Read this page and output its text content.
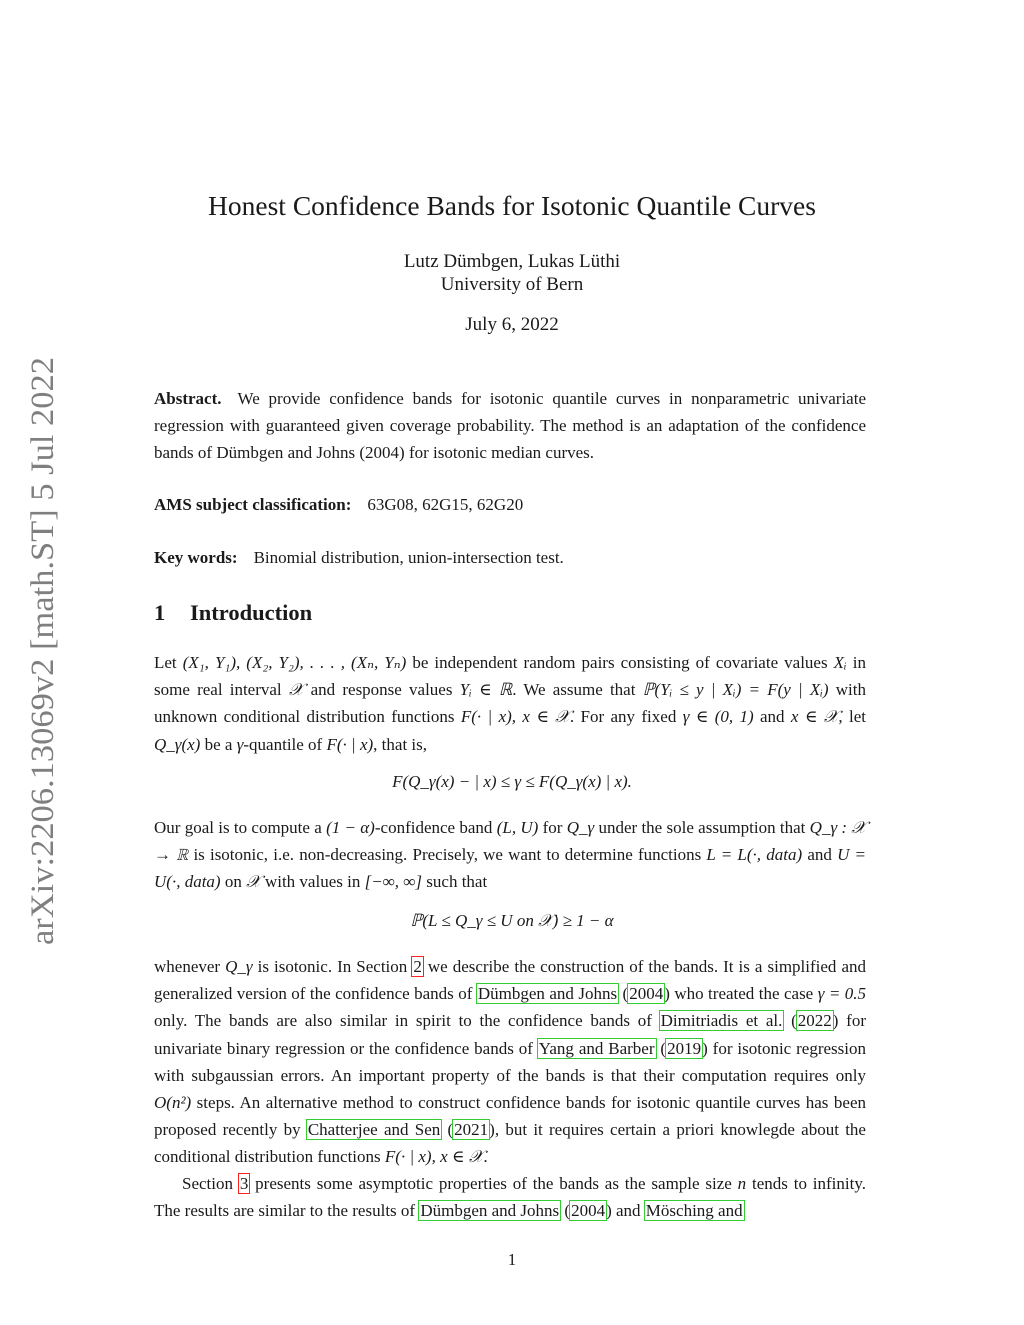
arXiv:2206.13069v2 [math.ST] 5 Jul 2022
Honest Confidence Bands for Isotonic Quantile Curves
Lutz Dümbgen, Lukas Lüthi
University of Bern
July 6, 2022
Abstract. We provide confidence bands for isotonic quantile curves in nonparametric univariate regression with guaranteed given coverage probability. The method is an adaptation of the confidence bands of Dümbgen and Johns (2004) for isotonic median curves.
AMS subject classification: 63G08, 62G15, 62G20
Key words: Binomial distribution, union-intersection test.
1 Introduction
Let (X₁, Y₁), (X₂, Y₂), . . . , (Xₙ, Yₙ) be independent random pairs consisting of covariate values Xᵢ in some real interval 𝒳 and response values Yᵢ ∈ ℝ. We assume that ℙ(Yᵢ ≤ y | Xᵢ) = F(y | Xᵢ) with unknown conditional distribution functions F(· | x), x ∈ 𝒳. For any fixed γ ∈ (0, 1) and x ∈ 𝒳, let Q_γ(x) be a γ-quantile of F(· | x), that is,
F(Q_γ(x) − | x) ≤ γ ≤ F(Q_γ(x) | x).
Our goal is to compute a (1 − α)-confidence band (L, U) for Q_γ under the sole assumption that Q_γ : 𝒳 → ℝ is isotonic, i.e. non-decreasing. Precisely, we want to determine functions L = L(·, data) and U = U(·, data) on 𝒳 with values in [−∞, ∞] such that
ℙ(L ≤ Q_γ ≤ U on 𝒳) ≥ 1 − α
whenever Q_γ is isotonic. In Section 2 we describe the construction of the bands. It is a simplified and generalized version of the confidence bands of Dümbgen and Johns (2004) who treated the case γ = 0.5 only. The bands are also similar in spirit to the confidence bands of Dimitriadis et al. (2022) for univariate binary regression or the confidence bands of Yang and Barber (2019) for isotonic regression with subgaussian errors. An important property of the bands is that their computation requires only O(n²) steps. An alternative method to construct confidence bands for isotonic quantile curves has been proposed recently by Chatterjee and Sen (2021), but it requires certain a priori knowlegde about the conditional distribution functions F(· | x), x ∈ 𝒳.
Section 3 presents some asymptotic properties of the bands as the sample size n tends to infinity. The results are similar to the results of Dümbgen and Johns (2004) and Mösching and
1
